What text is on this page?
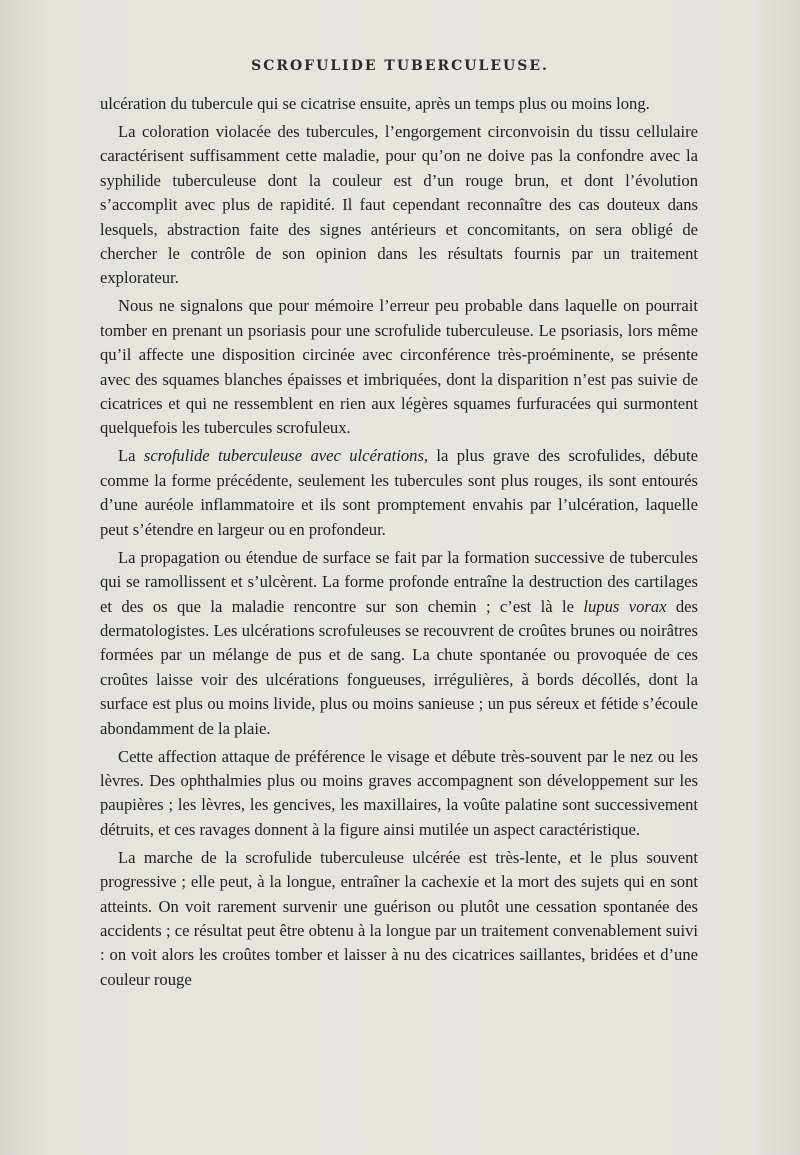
SCROFULIDE TUBERCULEUSE.

ulcération du tubercule qui se cicatrise ensuite, après un temps plus ou moins long.

La coloration violacée des tubercules, l’engorgement circonvoisin du tissu cellulaire caractérisent suffisamment cette maladie, pour qu’on ne doive pas la confondre avec la syphilide tuberculeuse dont la couleur est d’un rouge brun, et dont l’évolution s’accomplit avec plus de rapidité. Il faut cependant reconnaître des cas douteux dans lesquels, abstraction faite des signes antérieurs et concomitants, on sera obligé de chercher le contrôle de son opinion dans les résultats fournis par un traitement explorateur.

Nous ne signalons que pour mémoire l’erreur peu probable dans laquelle on pourrait tomber en prenant un psoriasis pour une scrofulide tuberculeuse. Le psoriasis, lors même qu’il affecte une disposition circinée avec circonférence très-proéminente, se présente avec des squames blanches épaisses et imbriquées, dont la disparition n’est pas suivie de cicatrices et qui ne ressemblent en rien aux légères squames furfuracées qui surmontent quelquefois les tubercules scrofuleux.

La scrofulide tuberculeuse avec ulcérations, la plus grave des scrofulides, débute comme la forme précédente, seulement les tubercules sont plus rouges, ils sont entourés d’une auréole inflammatoire et ils sont promptement envahis par l’ulcération, laquelle peut s’étendre en largeur ou en profondeur.

La propagation ou étendue de surface se fait par la formation successive de tubercules qui se ramollissent et s’ulcèrent. La forme profonde entraîne la destruction des cartilages et des os que la maladie rencontre sur son chemin ; c’est là le lupus vorax des dermatologistes. Les ulcérations scrofuleuses se recouvrent de croûtes brunes ou noirâtres formées par un mélange de pus et de sang. La chute spontanée ou provoquée de ces croûtes laisse voir des ulcérations fongueuses, irrégulières, à bords décollés, dont la surface est plus ou moins livide, plus ou moins sanieuse ; un pus séreux et fétide s’écoule abondamment de la plaie.

Cette affection attaque de préférence le visage et débute très-souvent par le nez ou les lèvres. Des ophthalmies plus ou moins graves accompagnent son développement sur les paupières ; les lèvres, les gencives, les maxillaires, la voûte palatine sont successivement détruits, et ces ravages donnent à la figure ainsi mutilée un aspect caractéristique.

La marche de la scrofulide tuberculeuse ulcérée est très-lente, et le plus souvent progressive ; elle peut, à la longue, entraîner la cachexie et la mort des sujets qui en sont atteints. On voit rarement survenir une guérison ou plutôt une cessation spontanée des accidents ; ce résultat peut être obtenu à la longue par un traitement convenablement suivi : on voit alors les croûtes tomber et laisser à nu des cicatrices saillantes, bridées et d’une couleur rouge
